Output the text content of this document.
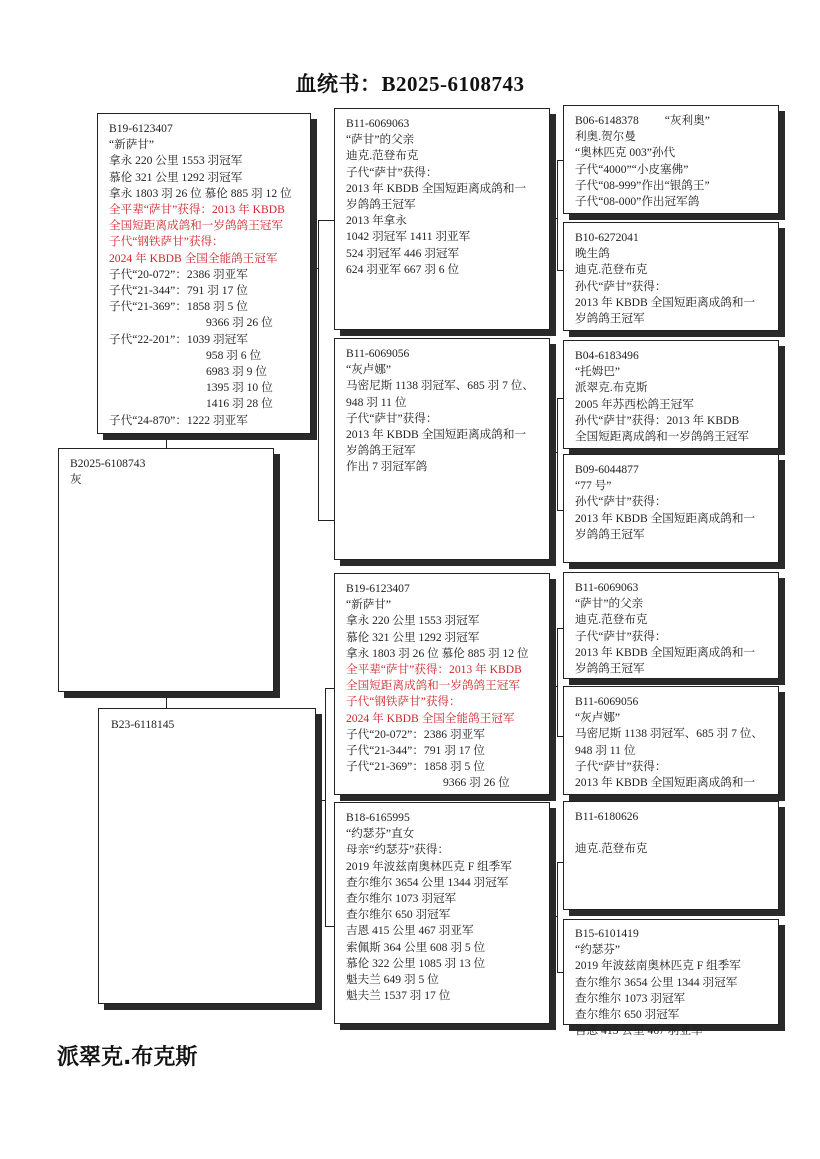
血统书：B2025-6108743
B19-6123407
“新萨甘”
拿永 220 公里 1553 羽冠军
慕伦 321 公里 1292 羽冠军
拿永 1803 羽 26 位 慕伦 885 羽 12 位
全平辈“萨甘”获得：2013 年 KBDB
全国短距离成鸽和一岁鸽鸽王冠军
子代“钢铁萨甘”获得：
2024 年 KBDB 全国全能鸽王冠军
子代“20-072”：2386 羽亚军
子代“21-344”：791 羽 17 位
子代“21-369”：1858 羽 5 位
9366 羽 26 位
子代“22-201”：1039 羽冠军
958 羽 6 位
6983 羽 9 位
1395 羽 10 位
1416 羽 28 位
子代“24-870”：1222 羽亚军
B2025-6108743
灰
B23-6118145
B11-6069063
“萨甘”的父亲
迪克.范登布克
子代“萨甘”获得：
2013 年 KBDB 全国短距离成鸽和一
岁鸽鸽王冠军
2013 年拿永
1042 羽冠军 1411 羽亚军
524 羽冠军 446 羽冠军
624 羽亚军 667 羽 6 位
B11-6069056
“灰卢娜”
马密尼斯 1138 羽冠军、685 羽 7 位、
948 羽 11 位
子代“萨甘”获得：
2013 年 KBDB 全国短距离成鸽和一
岁鸽鸽王冠军
作出 7 羽冠军鸽
B19-6123407
“新萨甘”
拿永 220 公里 1553 羽冠军
慕伦 321 公里 1292 羽冠军
拿永 1803 羽 26 位 慕伦 885 羽 12 位
全平辈“萨甘”获得：2013 年 KBDB
全国短距离成鸽和一岁鸽鸽王冠军
子代“钢铁萨甘”获得：
2024 年 KBDB 全国全能鸽王冠军
子代“20-072”：2386 羽亚军
子代“21-344”：791 羽 17 位
子代“21-369”：1858 羽 5 位
9366 羽 26 位
B18-6165995
“约瑟芬”直女
母亲“约瑟芬”获得：
2019 年波兹南奥林匹克 F 组季军
查尔维尔 3654 公里 1344 羽冠军
查尔维尔 1073 羽冠军
查尔维尔 650 羽冠军
吉恩 415 公里 467 羽亚军
索佩斯 364 公里 608 羽 5 位
慕伦 322 公里 1085 羽 13 位
魁夫兰 649 羽 5 位
魁夫兰 1537 羽 17 位
B06-6148378 “灰利奥”
利奥.贺尔曼
“奥林匹克 003”孙代
子代“4000”“小皮塞佛”
子代“08-999”作出“银鸽王”
子代“08-000”作出冠军鸽
B10-6272041
晚生鸽
迪克.范登布克
孙代“萨甘”获得：
2013 年 KBDB 全国短距离成鸽和一
岁鸽鸽王冠军
B04-6183496
“托姆巴”
派翠克.布克斯
2005 年苏西松鸽王冠军
孙代“萨甘”获得：2013 年 KBDB
全国短距离成鸽和一岁鸽鸽王冠军
B09-6044877
“77 号”
孙代“萨甘”获得：
2013 年 KBDB 全国短距离成鸽和一
岁鸽鸽王冠军
B11-6069063
“萨甘”的父亲
迪克.范登布克
子代“萨甘”获得：
2013 年 KBDB 全国短距离成鸽和一
岁鸽鸽王冠军
B11-6069056
“灰卢娜”
马密尼斯 1138 羽冠军、685 羽 7 位、
948 羽 11 位
子代“萨甘”获得：
2013 年 KBDB 全国短距离成鸽和一
B11-6180626
迪克.范登布克
B15-6101419
“约瑟芬”
2019 年波兹南奥林匹克 F 组季军
查尔维尔 3654 公里 1344 羽冠军
查尔维尔 1073 羽冠军
查尔维尔 650 羽冠军
吉恩 415 公里 467 羽亚军
派翠克.布克斯
